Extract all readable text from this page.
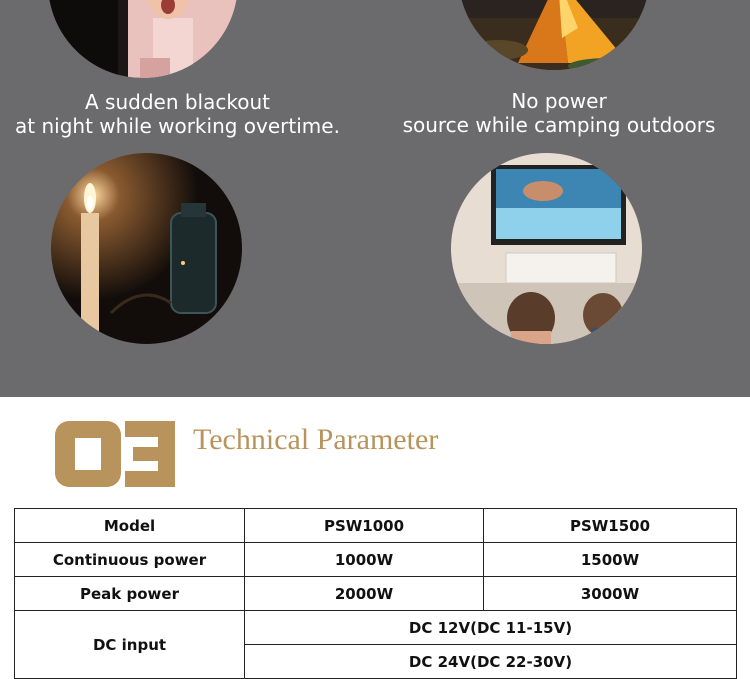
A sudden blackout
at night while working overtime.
No power
source while camping outdoors
Technical Parameter
Model	PSW1000	PSW1500
Continuous power	1000W	1500W
Peak power	2000W	3000W
DC input	DC 12V(DC 11-15V)	
	DC 24V(DC 22-30V)	
